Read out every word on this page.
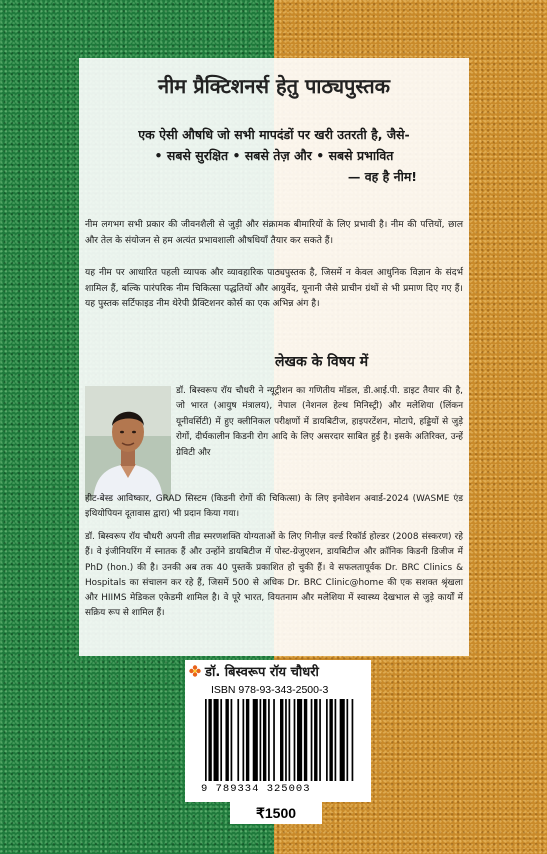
नीम प्रैक्टिशनर्स हेतु पाठ्यपुस्तक
एक ऐसी औषधि जो सभी मापदंडों पर खरी उतरती है, जैसे-
• सबसे सुरक्षित • सबसे तेज़ और • सबसे प्रभावित
— वह है नीम!
नीम लगभग सभी प्रकार की जीवनशैली से जुड़ी और संक्रामक बीमारियों के लिए प्रभावी है। नीम की पत्तियों, छाल और तेल के संयोजन से हम अत्यंत प्रभावशाली औषधियाँ तैयार कर सकते हैं।
यह नीम पर आधारित पहली व्यापक और व्यावहारिक पाठ्यपुस्तक है, जिसमें न केवल आधुनिक विज्ञान के संदर्भ शामिल हैं, बल्कि पारंपरिक नीम चिकित्सा पद्धतियों और आयुर्वेद, यूनानी जैसे प्राचीन ग्रंथों से भी प्रमाण दिए गए हैं। यह पुस्तक सर्टिफाइड नीम थेरेपी प्रैक्टिशनर कोर्स का एक अभिन्न अंग है।
लेखक के विषय में
डॉ. बिस्वरूप रॉय चौधरी ने न्यूट्रीशन का गणितीय मॉडल, डी.आई.पी. डाइट तैयार की है, जो भारत (आयुष मंत्रालय), नेपाल (नेशनल हेल्थ मिनिस्ट्री) और मलेशिया (लिंकन यूनीवर्सिटी) में हुए क्लीनिकल परीक्षणों में डायबिटीज, हाइपरटेंशन, मोटापे, हड्डियों से जुड़े रोगों, दीर्घकालीन किडनी रोग आदि के लिए असरदार साबित हुई है। इसके अतिरिक्त, उन्हें ग्रेविटी और
हीट-बेस्ड आविष्कार, GRAD सिस्टम (किडनी रोगों की चिकित्सा) के लिए इनोवेशन अवार्ड-2024 (WASME एंड इथियोपियन दूतावास द्वारा) भी प्रदान किया गया।
डॉ. बिस्वरूप रॉय चौधरी अपनी तीव्र स्मरणशक्ति योग्यताओं के लिए गिनीज़ वर्ल्ड रिकॉर्ड होल्डर (2008 संस्करण) रहे हैं। वे इंजीनियरिंग में स्नातक हैं और उन्होंने डायबिटीज में पोस्ट-ग्रेजुएशन, डायबिटीज और क्रॉनिक किडनी डिजीज में PhD (hon.) की है। उनकी अब तक 40 पुस्तकें प्रकाशित हो चुकी हैं। वे सफलतापूर्वक Dr. BRC Clinics & Hospitals का संचालन कर रहे हैं, जिसमें 500 से अधिक Dr. BRC Clinic@home की एक सशक्त श्रृंखला और HIIMS मेडिकल एकेडमी शामिल है। वे पूरे भारत, वियतनाम और मलेशिया में स्वास्थ्य देखभाल से जुड़े कार्यों में सक्रिय रूप से शामिल हैं।
डॉ. बिस्वरूप रॉय चौधरी
ISBN 978-93-343-2500-3
9 789334 325003
₹1500
